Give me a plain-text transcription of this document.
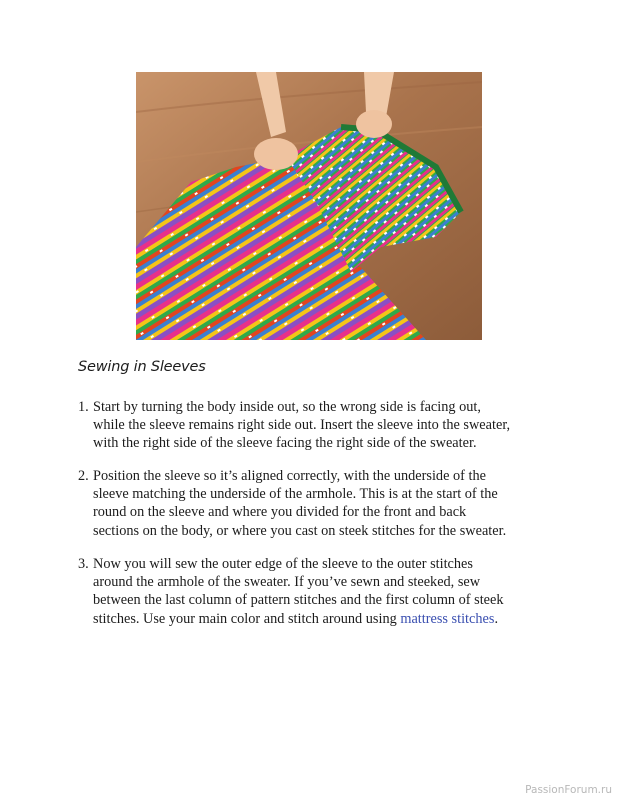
Sewing in Sleeves

1. Start by turning the body inside out, so the wrong side is facing out,
while the sleeve remains right side out. Insert the sleeve into the sweater,
with the right side of the sleeve facing the right side of the sweater.

2. Position the sleeve so it’s aligned correctly, with the underside of the
sleeve matching the underside of the armhole. This is at the start of the
round on the sleeve and where you divided for the front and back
sections on the body, or where you cast on steek stitches for the sweater.

3. Now you will sew the outer edge of the sleeve to the outer stitches
around the armhole of the sweater. If you’ve sewn and steeked, sew
between the last column of pattern stitches and the first column of steek
stitches. Use your main color and stitch around using mattress stitches.

PassionForum.ru
